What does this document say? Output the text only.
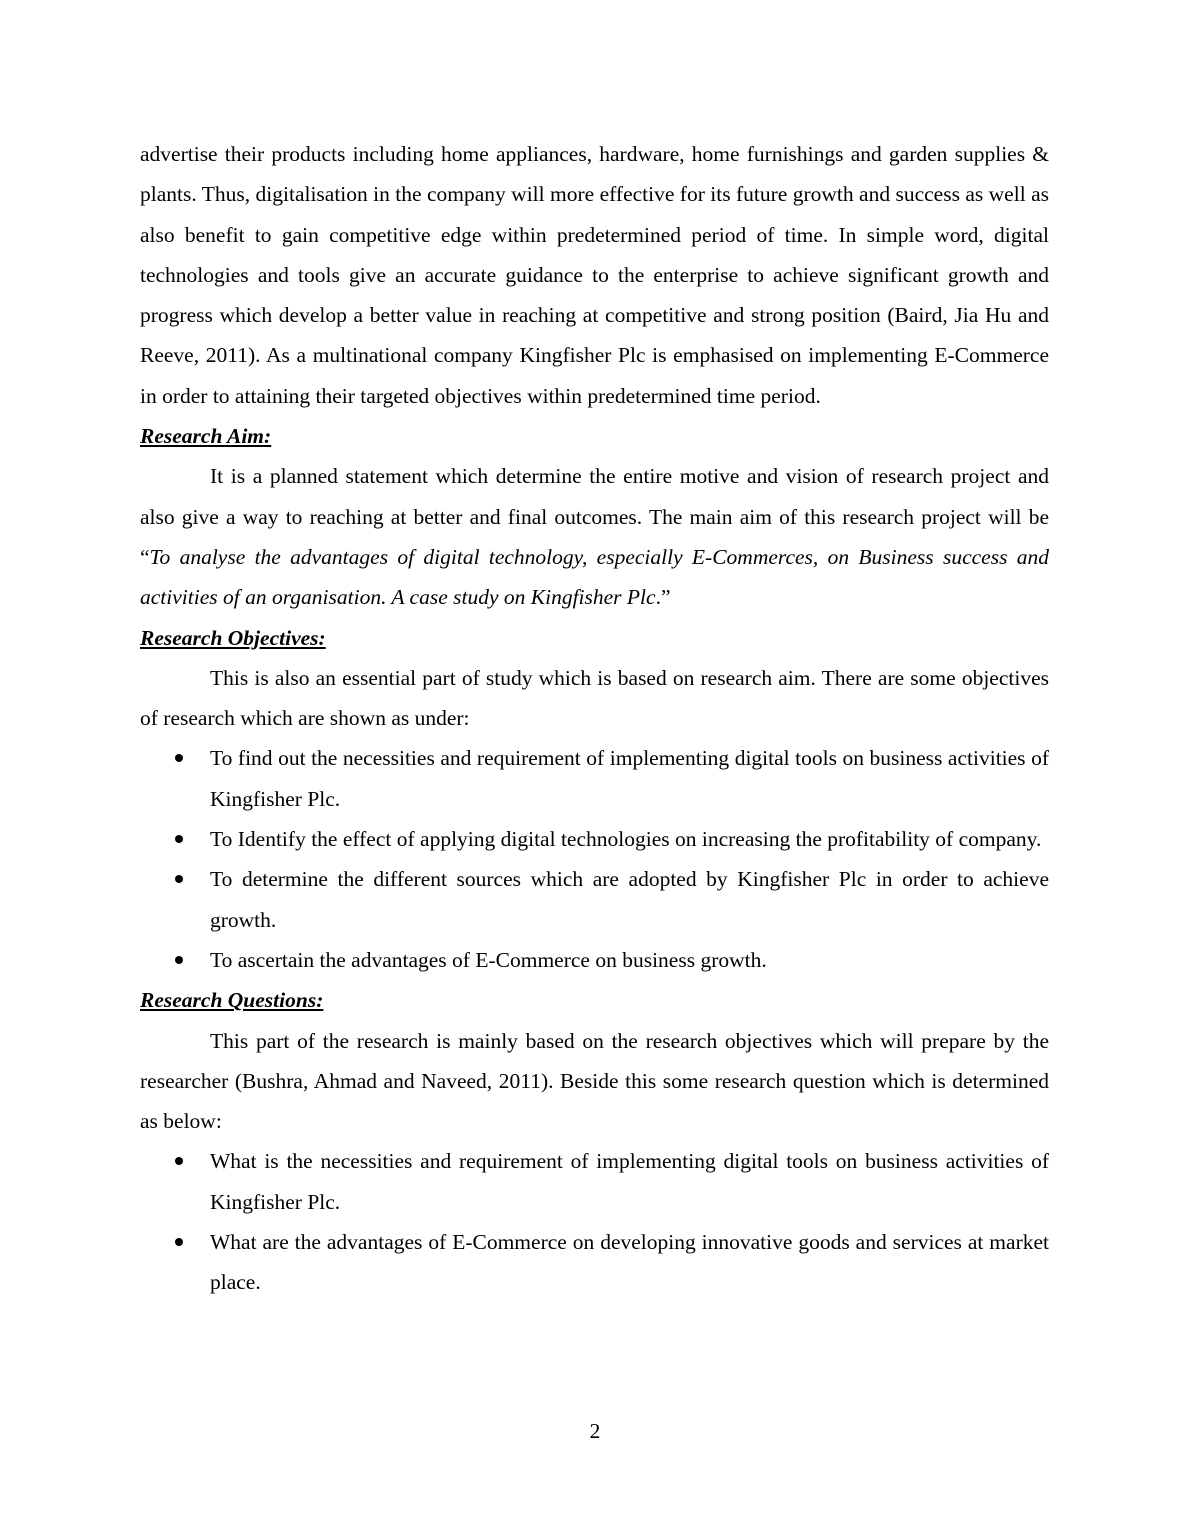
advertise their products including home appliances, hardware, home furnishings and garden supplies & plants. Thus, digitalisation in the company will more effective for its future growth and success as well as also benefit to gain competitive edge within predetermined period of time. In simple word, digital technologies and tools give an accurate guidance to the enterprise to achieve significant growth and progress which develop a better value in reaching at competitive and strong position (Baird, Jia Hu and Reeve, 2011). As a multinational company Kingfisher Plc is emphasised on implementing E-Commerce in order to attaining their targeted objectives within predetermined time period.

Research Aim:

It is a planned statement which determine the entire motive and vision of research project and also give a way to reaching at better and final outcomes. The main aim of this research project will be “To analyse the advantages of digital technology, especially E-Commerces, on Business success and activities of an organisation. A case study on Kingfisher Plc.”

Research Objectives:

This is also an essential part of study which is based on research aim. There are some objectives of research which are shown as under:

To find out the necessities and requirement of implementing digital tools on business activities of Kingfisher Plc.
To Identify the effect of applying digital technologies on increasing the profitability of company.
To determine the different sources which are adopted by Kingfisher Plc in order to achieve growth.
To ascertain the advantages of E-Commerce on business growth.
Research Questions:

This part of the research is mainly based on the research objectives which will prepare by the researcher (Bushra, Ahmad and Naveed, 2011). Beside this some research question which is determined as below:

What is the necessities and requirement of implementing digital tools on business activities of Kingfisher Plc.
What are the advantages of E-Commerce on developing innovative goods and services at market place.
2
